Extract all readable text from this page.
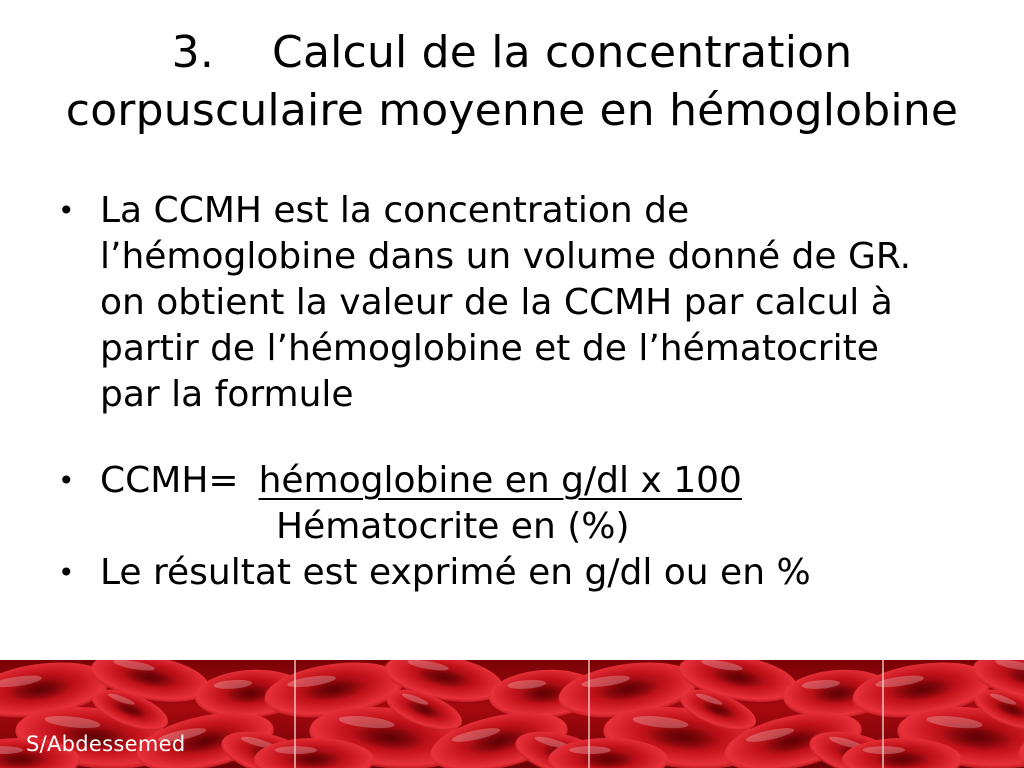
3. Calcul de la concentration
corpusculaire moyenne en hémoglobine
• La CCMH est la concentration de
l’hémoglobine dans un volume donné de GR.
on obtient la valeur de la CCMH par calcul à
partir de l’hémoglobine et de l’hématocrite
par la formule
• CCMH= hémoglobine en g/dl x 100
Hématocrite en (%)
• Le résultat est exprimé en g/dl ou en %
S/Abdessemed
